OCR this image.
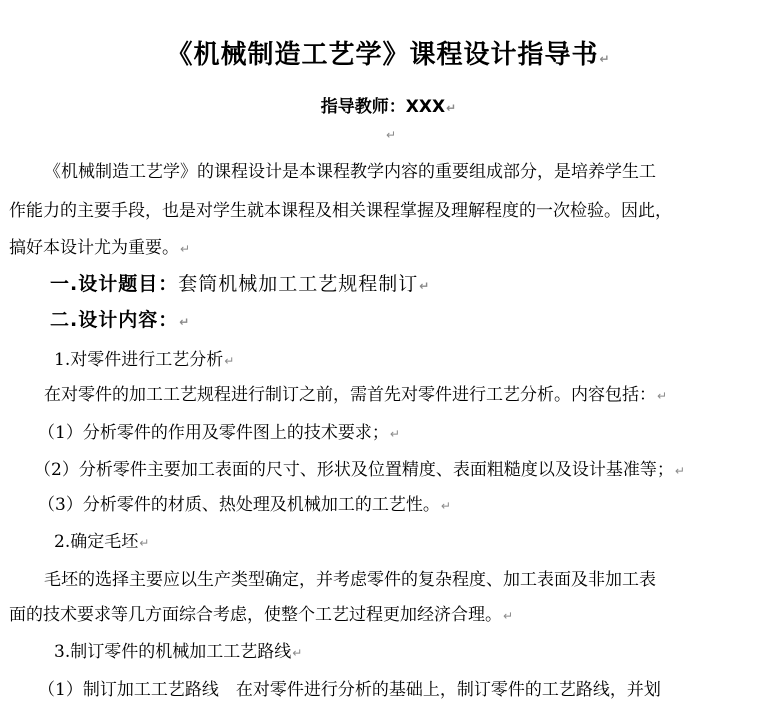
《机械制造工艺学》课程设计指导书↵
指导教师：XXX↵
↵
《机械制造工艺学》的课程设计是本课程教学内容的重要组成部分，是培养学生工
作能力的主要手段，也是对学生就本课程及相关课程掌握及理解程度的一次检验。因此，
搞好本设计尤为重要。↵
一.设计题目：套筒机械加工工艺规程制订↵
二.设计内容：↵
1.对零件进行工艺分析↵
在对零件的加工工艺规程进行制订之前，需首先对零件进行工艺分析。内容包括：↵
（1）分析零件的作用及零件图上的技术要求；↵
（2）分析零件主要加工表面的尺寸、形状及位置精度、表面粗糙度以及设计基准等；↵
（3）分析零件的材质、热处理及机械加工的工艺性。↵
2.确定毛坯↵
毛坯的选择主要应以生产类型确定，并考虑零件的复杂程度、加工表面及非加工表
面的技术要求等几方面综合考虑，使整个工艺过程更加经济合理。↵
3.制订零件的机械加工工艺路线↵
（1）制订加工工艺路线　在对零件进行分析的基础上，制订零件的工艺路线，并划
